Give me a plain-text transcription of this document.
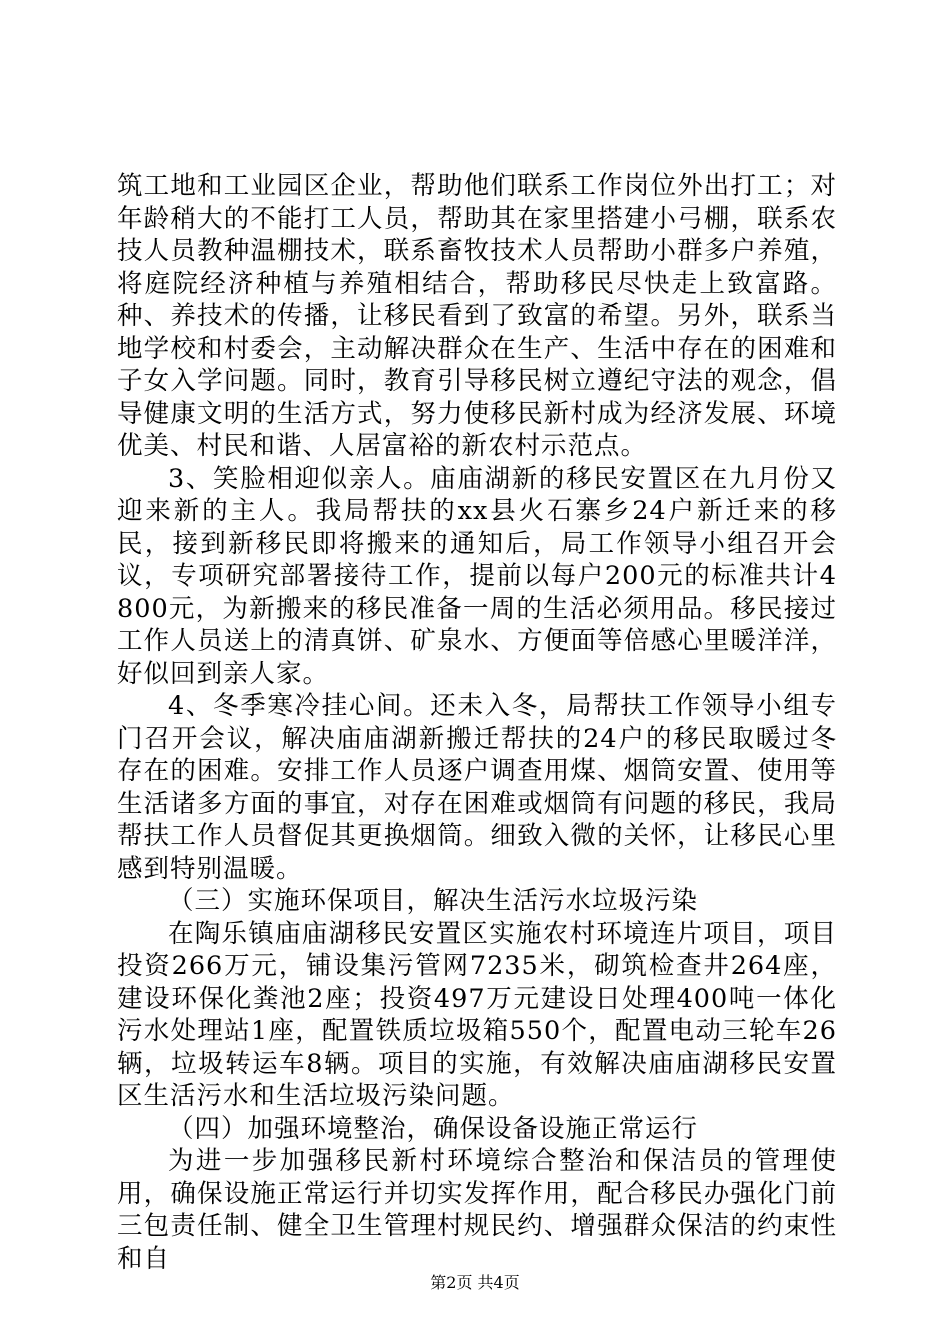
筑工地和工业园区企业，帮助他们联系工作岗位外出打工；对年龄稍大的不能打工人员，帮助其在家里搭建小弓棚，联系农技人员教种温棚技术，联系畜牧技术人员帮助小群多户养殖，将庭院经济种植与养殖相结合，帮助移民尽快走上致富路。种、养技术的传播，让移民看到了致富的希望。另外，联系当地学校和村委会，主动解决群众在生产、生活中存在的困难和子女入学问题。同时，教育引导移民树立遵纪守法的观念，倡导健康文明的生活方式，努力使移民新村成为经济发展、环境优美、村民和谐、人居富裕的新农村示范点。

3、笑脸相迎似亲人。庙庙湖新的移民安置区在九月份又迎来新的主人。我局帮扶的xx县火石寨乡24户新迁来的移民，接到新移民即将搬来的通知后，局工作领导小组召开会议，专项研究部署接待工作，提前以每户200元的标准共计4800元，为新搬来的移民准备一周的生活必须用品。移民接过工作人员送上的清真饼、矿泉水、方便面等倍感心里暖洋洋，好似回到亲人家。

4、冬季寒冷挂心间。还未入冬，局帮扶工作领导小组专门召开会议，解决庙庙湖新搬迁帮扶的24户的移民取暖过冬存在的困难。安排工作人员逐户调查用煤、烟筒安置、使用等生活诸多方面的事宜，对存在困难或烟筒有问题的移民，我局帮扶工作人员督促其更换烟筒。细致入微的关怀，让移民心里感到特别温暖。

（三）实施环保项目，解决生活污水垃圾污染

在陶乐镇庙庙湖移民安置区实施农村环境连片项目，项目投资266万元，铺设集污管网7235米，砌筑检查井264座，建设环保化粪池2座；投资497万元建设日处理400吨一体化污水处理站1座，配置铁质垃圾箱550个，配置电动三轮车26辆，垃圾转运车8辆。项目的实施，有效解决庙庙湖移民安置区生活污水和生活垃圾污染问题。

（四）加强环境整治，确保设备设施正常运行

为进一步加强移民新村环境综合整治和保洁员的管理使用，确保设施正常运行并切实发挥作用，配合移民办强化门前三包责任制、健全卫生管理村规民约、增强群众保洁的约束性和自

第2页 共4页
